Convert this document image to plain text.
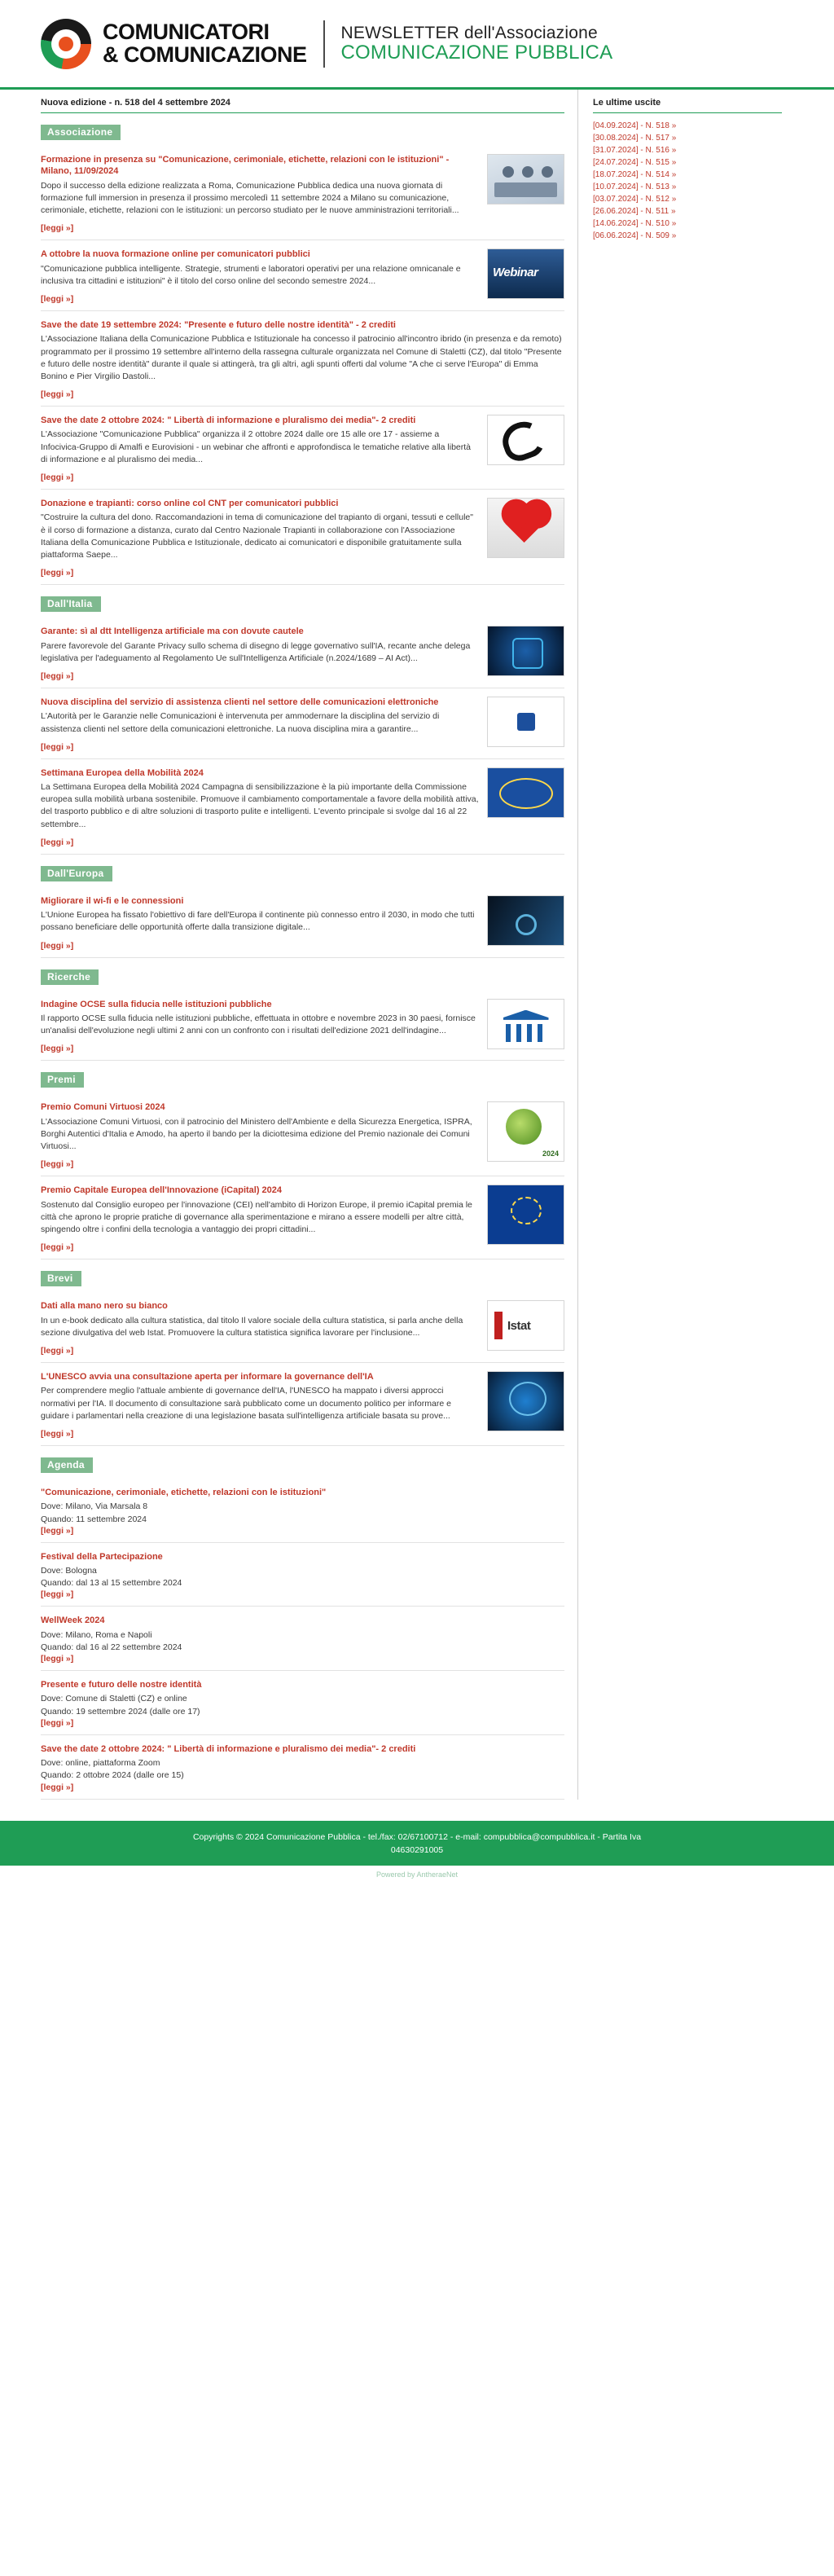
COMUNICATORI
& COMUNICAZIONE
NEWSLETTER dell'Associazione
COMUNICAZIONE PUBBLICA
Nuova edizione - n. 518 del 4 settembre 2024
Associazione
Formazione in presenza su "Comunicazione, cerimoniale, etichette, relazioni con le istituzioni" - Milano, 11/09/2024
Dopo il successo della edizione realizzata a Roma, Comunicazione Pubblica dedica una nuova giornata di formazione full immersion in presenza il prossimo mercoledì 11 settembre 2024 a Milano su comunicazione, cerimoniale, etichette, relazioni con le istituzioni: un percorso studiato per le nuove amministrazioni territoriali...
[leggi »]
A ottobre la nuova formazione online per comunicatori pubblici
"Comunicazione pubblica intelligente. Strategie, strumenti e laboratori operativi per una relazione omnicanale e inclusiva tra cittadini e istituzioni" è il titolo del corso online del secondo semestre 2024...
[leggi »]
Webinar
Save the date 19 settembre 2024: "Presente e futuro delle nostre identità" - 2 crediti
L'Associazione Italiana della Comunicazione Pubblica e Istituzionale ha concesso il patrocinio all'incontro ibrido (in presenza e da remoto) programmato per il prossimo 19 settembre all'interno della rassegna culturale organizzata nel Comune di Staletti (CZ), dal titolo "Presente e futuro delle nostre identità" durante il quale si attingerà, tra gli altri, agli spunti offerti dal volume "A che ci serve l'Europa" di Emma Bonino e Pier Virgilio Dastoli...
[leggi »]
Save the date 2 ottobre 2024: " Libertà di informazione e pluralismo dei media"- 2 crediti
L'Associazione "Comunicazione Pubblica" organizza il 2 ottobre 2024 dalle ore 15 alle ore 17 - assieme a Infocivica-Gruppo di Amalfi e Eurovisioni - un webinar che affronti e approfondisca le tematiche relative alla libertà di informazione e al pluralismo dei media...
[leggi »]
Donazione e trapianti: corso online col CNT per comunicatori pubblici
"Costruire la cultura del dono. Raccomandazioni in tema di comunicazione del trapianto di organi, tessuti e cellule" è il corso di formazione a distanza, curato dal Centro Nazionale Trapianti in collaborazione con l'Associazione Italiana della Comunicazione Pubblica e Istituzionale, dedicato ai comunicatori e disponibile gratuitamente sulla piattaforma Saepe...
[leggi »]
Dall'Italia
Garante: sì al dtt Intelligenza artificiale ma con dovute cautele
Parere favorevole del Garante Privacy sullo schema di disegno di legge governativo sull'IA, recante anche delega legislativa per l'adeguamento al Regolamento Ue sull'Intelligenza Artificiale (n.2024/1689 – AI Act)...
[leggi »]
Nuova disciplina del servizio di assistenza clienti nel settore delle comunicazioni elettroniche
L'Autorità per le Garanzie nelle Comunicazioni è intervenuta per ammodernare la disciplina del servizio di assistenza clienti nel settore della comunicazioni elettroniche. La nuova disciplina mira a garantire...
[leggi »]
Settimana Europea della Mobilità 2024
La Settimana Europea della Mobilità 2024 Campagna di sensibilizzazione è la più importante della Commissione europea sulla mobilità urbana sostenibile. Promuove il cambiamento comportamentale a favore della mobilità attiva, del trasporto pubblico e di altre soluzioni di trasporto pulite e intelligenti. L'evento principale si svolge dal 16 al 22 settembre...
[leggi »]
Dall'Europa
Migliorare il wi-fi e le connessioni
L'Unione Europea ha fissato l'obiettivo di fare dell'Europa il continente più connesso entro il 2030, in modo che tutti possano beneficiare delle opportunità offerte dalla transizione digitale...
[leggi »]
Ricerche
Indagine OCSE sulla fiducia nelle istituzioni pubbliche
Il rapporto OCSE sulla fiducia nelle istituzioni pubbliche, effettuata in ottobre e novembre 2023 in 30 paesi, fornisce un'analisi dell'evoluzione negli ultimi 2 anni con un confronto con i risultati dell'edizione 2021 dell'indagine...
[leggi »]
Premi
Premio Comuni Virtuosi 2024
L'Associazione Comuni Virtuosi, con il patrocinio del Ministero dell'Ambiente e della Sicurezza Energetica, ISPRA, Borghi Autentici d'Italia e Amodo, ha aperto il bando per la diciottesima edizione del Premio nazionale dei Comuni Virtuosi...
[leggi »]
2024
Premio Capitale Europea dell'Innovazione (iCapital) 2024
Sostenuto dal Consiglio europeo per l'innovazione (CEI) nell'ambito di Horizon Europe, il premio iCapital premia le città che aprono le proprie pratiche di governance alla sperimentazione e mirano a essere modelli per altre città, spingendo oltre i confini della tecnologia a vantaggio dei propri cittadini...
[leggi »]
Brevi
Dati alla mano nero su bianco
In un e-book dedicato alla cultura statistica, dal titolo Il valore sociale della cultura statistica, si parla anche della sezione divulgativa del web Istat. Promuovere la cultura statistica significa lavorare per l'inclusione...
[leggi »]
Istat
L'UNESCO avvia una consultazione aperta per informare la governance dell'IA
Per comprendere meglio l'attuale ambiente di governance dell'IA, l'UNESCO ha mappato i diversi approcci normativi per l'IA. Il documento di consultazione sarà pubblicato come un documento politico per informare e guidare i parlamentari nella creazione di una legislazione basata sull'intelligenza artificiale basata su prove...
[leggi »]
Agenda
"Comunicazione, cerimoniale, etichette, relazioni con le istituzioni"
Dove: Milano, Via Marsala 8
Quando: 11 settembre 2024
[leggi »]
Festival della Partecipazione
Dove: Bologna
Quando: dal 13 al 15 settembre 2024
[leggi »]
WellWeek 2024
Dove: Milano, Roma e Napoli
Quando: dal 16 al 22 settembre 2024
[leggi »]
Presente e futuro delle nostre identità
Dove: Comune di Staletti (CZ) e online
Quando: 19 settembre 2024 (dalle ore 17)
[leggi »]
Save the date 2 ottobre 2024: " Libertà di informazione e pluralismo dei media"- 2 crediti
Dove: online, piattaforma Zoom
Quando: 2 ottobre 2024 (dalle ore 15)
[leggi »]
Le ultime uscite
[04.09.2024] - N. 518 »
[30.08.2024] - N. 517 »
[31.07.2024] - N. 516 »
[24.07.2024] - N. 515 »
[18.07.2024] - N. 514 »
[10.07.2024] - N. 513 »
[03.07.2024] - N. 512 »
[26.06.2024] - N. 511 »
[14.06.2024] - N. 510 »
[06.06.2024] - N. 509 »
Copyrights © 2024 Comunicazione Pubblica - tel./fax: 02/67100712 - e-mail: compubblica@compubblica.it - Partita Iva
04630291005
Powered by AntheraeNet
